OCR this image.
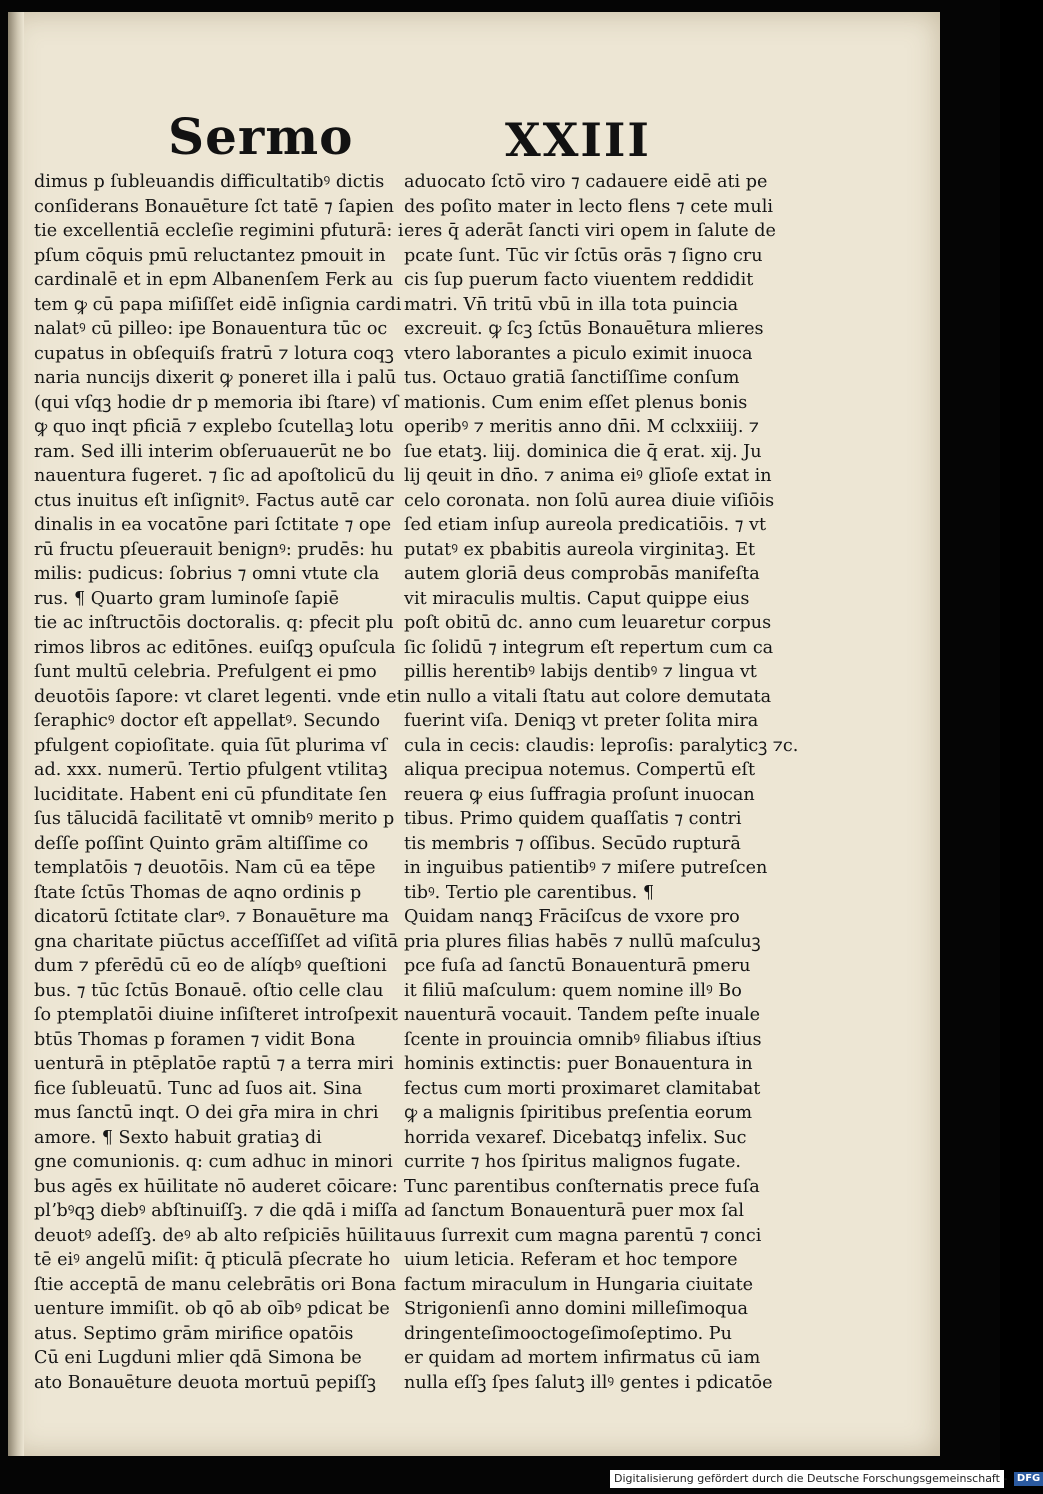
Sermo	XXIII
dimus p ſubleuandis difficultatibꝰ dictis
conſiderans Bonauēture ſct tatē ⁊ ſapien
tie excellentiā eccleſie regimini pfuturā: i
pſum cōquis pmū reluctantez pmouit in
cardinalē et in epm Albanenſem Ferk au
tem ꝙ cū papa miſiſſet eidē inſignia cardi
nalatꝰ cū pilleo: ipe Bonauentura tūc oc
cupatus in obſequiſs fratrū ⁊ lotura coqꝫ
naria nuncijs dixerit ꝙ poneret illa i palū
(qui vſqꝫ hodie dr p memoria ibi ſtare) vſ
ꝙ quo inqt pficiā ⁊ explebo ſcutellaꝫ lotu
ram. Sed illi interim obſeruauerūt ne bo
nauentura fugeret. ⁊ ſic ad apoſtolicū du
ctus inuitus eſt inſignitꝰ. Factus autē car
dinalis in ea vocatōne pari ſctitate ⁊ ope
rū fructu pſeuerauit benignꝰ: prudēs: hu
milis: pudicus: ſobrius ⁊ omni vtute cla
rus. ¶ Quarto gram luminoſe ſapiē
tie ac inſtructōis doctoralis. q: pfecit plu
rimos libros ac editōnes. euiſqꝫ opuſcula
ſunt multū celebria. Prefulgent ei pmo
deuotōis ſapore: vt claret legenti. vnde et
ſeraphicꝰ doctor eſt appellatꝰ. Secundo
pfulgent copioſitate. quia ſūt plurima vſ
ad. xxx. numerū. Tertio pfulgent vtilitaꝫ
luciditate. Habent eni cū pfunditate ſen
ſus tālucidā facilitatē vt omnibꝰ merito p
deſſe poſſint Quinto grām altiſſime co
templatōis ⁊ deuotōis. Nam cū ea tēpe
ſtate ſctūs Thomas de aqno ordinis p
dicatorū ſctitate clarꝰ. ⁊ Bonauēture ma
gna charitate piūctus acceſſiſſet ad viſitā
dum ⁊ pferēdū cū eo de alíqbꝰ queſtioni
bus. ⁊ tūc ſctūs Bonauē. oſtio celle clau
ſo ptemplatōi diuine inſiſteret introſpexit
btūs Thomas p foramen ⁊ vidit Bona
uenturā in ptēplatōe raptū ⁊ a terra miri
fice ſubleuatū. Tunc ad ſuos ait. Sina
mus ſanctū inqt. O dei gr̄a mira in chri
amore. ¶ Sexto habuit gratiaꝫ di
gne comunionis. q: cum adhuc in minori
bus agēs ex hūilitate nō auderet cōicare:
plʼbꝰqꝫ diebꝰ abſtinuiſſꝫ. ⁊ die qdā i miſſa
deuotꝰ adeſſꝫ. deꝰ ab alto reſpiciēs hūilita
tē eiꝰ angelū miſit: q̄ pticulā pſecrate ho
ſtie acceptā de manu celebrātis ori Bona
uenture immiſit. ob qō ab oībꝰ pdicat be
atus. Septimo grām mirifice opatōis
Cū eni Lugduni mlier qdā Simona be
ato Bonauēture deuota mortuū pepiſſꝫ
aduocato ſctō viro ⁊ cadauere eidē ati pe
des poſito mater in lecto flens ⁊ cete muli
eres q̄ aderāt ſancti viri opem in ſalute de
pcate ſunt. Tūc vir ſctūs orās ⁊ ſigno cru
cis ſup puerum facto viuentem reddidit
matri. Vn̄ tritū vbū in illa tota puincia
excreuit. ꝙ ſcꝫ ſctūs Bonauētura mlieres
vtero laborantes a piculo eximit inuoca
tus. Octauo gratiā ſanctiſſime conſum
mationis. Cum enim eſſet plenus bonis
operibꝰ ⁊ meritis anno dn̄i. M cclxxiiij. ⁊
ſue etatꝫ. liij. dominica die q̄ erat. xij. Ju
lij qeuit in dn̄o. ⁊ anima eiꝰ glīoſe extat in
celo coronata. non ſolū aurea diuie viſiōis
ſed etiam inſup aureola predicatiōis. ⁊ vt
putatꝰ ex pbabitis aureola virginitaꝫ. Et
autem gloriā deus comprobās manifeſta
vit miraculis multis. Caput quippe eius
poſt obitū dc. anno cum leuaretur corpus
ſic ſolidū ⁊ integrum eſt repertum cum ca
pillis herentibꝰ labijs dentibꝰ ⁊ lingua vt
in nullo a vitali ſtatu aut colore demutata
fuerint viſa. Deniqꝫ vt preter ſolita mira
cula in cecis: claudis: leproſis: paralyticꝫ ⁊c.
aliqua precipua notemus. Compertū eſt
reuera ꝙ eius ſuffragia proſunt inuocan
tibus. Primo quidem quaſſatis ⁊ contri
tis membris ⁊ oſſibus. Secūdo rupturā
in inguibus patientibꝰ ⁊ miſere putreſcen
tibꝰ. Tertio ple carentibus. ¶
Quidam nanqꝫ Frāciſcus de vxore pro
pria plures filias habēs ⁊ nullū maſculuꝫ
pce fuſa ad ſanctū Bonauenturā pmeru
it filiū maſculum: quem nomine illꝰ Bo
nauenturā vocauit. Tandem peſte inuale
ſcente in prouincia omnibꝰ filiabus iſtius
hominis extinctis: puer Bonauentura in
fectus cum morti proximaret clamitabat
ꝙ a malignis ſpiritibus preſentia eorum
horrida vexaref. Dicebatqꝫ infelix. Suc
currite ⁊ hos ſpiritus malignos fugate.
Tunc parentibus conſternatis prece fuſa
ad ſanctum Bonauenturā puer mox ſal
uus ſurrexit cum magna parentū ⁊ conci
uium leticia. Referam et hoc tempore
factum miraculum in Hungaria ciuitate
Strigonienſi anno domini milleſimoqua
dringenteſimooctogeſimoſeptimo. Pu
er quidam ad mortem infirmatus cū iam
nulla eſſꝫ ſpes ſalutꝫ illꝰ gentes i pdicatōe
Digitalisierung gefördert durch die Deutsche Forschungsgemeinschaft - DFG
